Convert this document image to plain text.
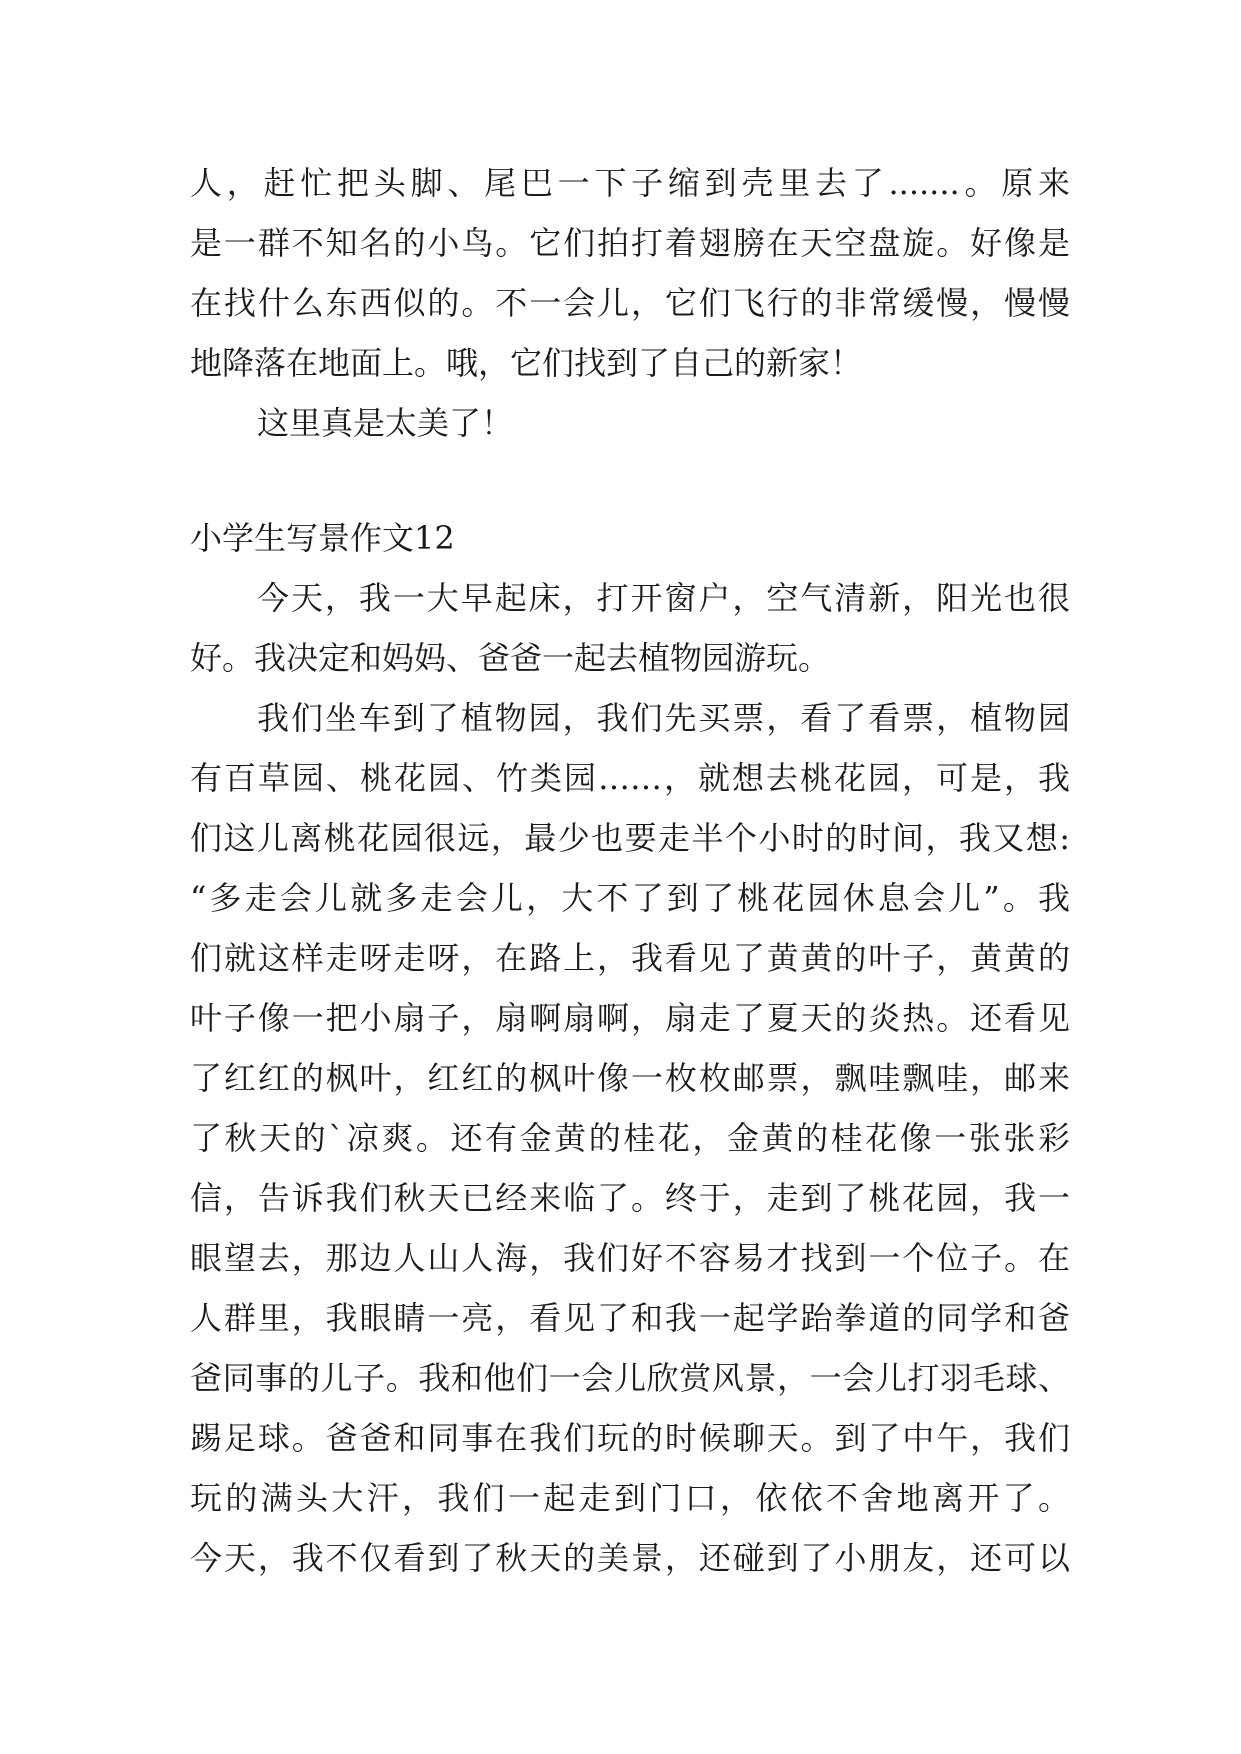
人，赶忙把头脚、尾巴一下子缩到壳里去了.......。原来
是一群不知名的小鸟。它们拍打着翅膀在天空盘旋。好像是
在找什么东西似的。不一会儿，它们飞行的非常缓慢，慢慢
地降落在地面上。哦，它们找到了自己的新家！
这里真是太美了！
小学生写景作文12
今天，我一大早起床，打开窗户，空气清新，阳光也很
好。我决定和妈妈、爸爸一起去植物园游玩。
我们坐车到了植物园，我们先买票，看了看票，植物园
有百草园、桃花园、竹类园……，就想去桃花园，可是，我
们这儿离桃花园很远，最少也要走半个小时的时间，我又想:
“多走会儿就多走会儿，大不了到了桃花园休息会儿”。我
们就这样走呀走呀，在路上，我看见了黄黄的叶子，黄黄的
叶子像一把小扇子，扇啊扇啊，扇走了夏天的炎热。还看见
了红红的枫叶，红红的枫叶像一枚枚邮票，飘哇飘哇，邮来
了秋天的`凉爽。还有金黄的桂花，金黄的桂花像一张张彩
信，告诉我们秋天已经来临了。终于，走到了桃花园，我一
眼望去，那边人山人海，我们好不容易才找到一个位子。在
人群里，我眼睛一亮，看见了和我一起学跆拳道的同学和爸
爸同事的儿子。我和他们一会儿欣赏风景，一会儿打羽毛球、
踢足球。爸爸和同事在我们玩的时候聊天。到了中午，我们
玩的满头大汗，我们一起走到门口，依依不舍地离开了。
今天，我不仅看到了秋天的美景，还碰到了小朋友，还可以
